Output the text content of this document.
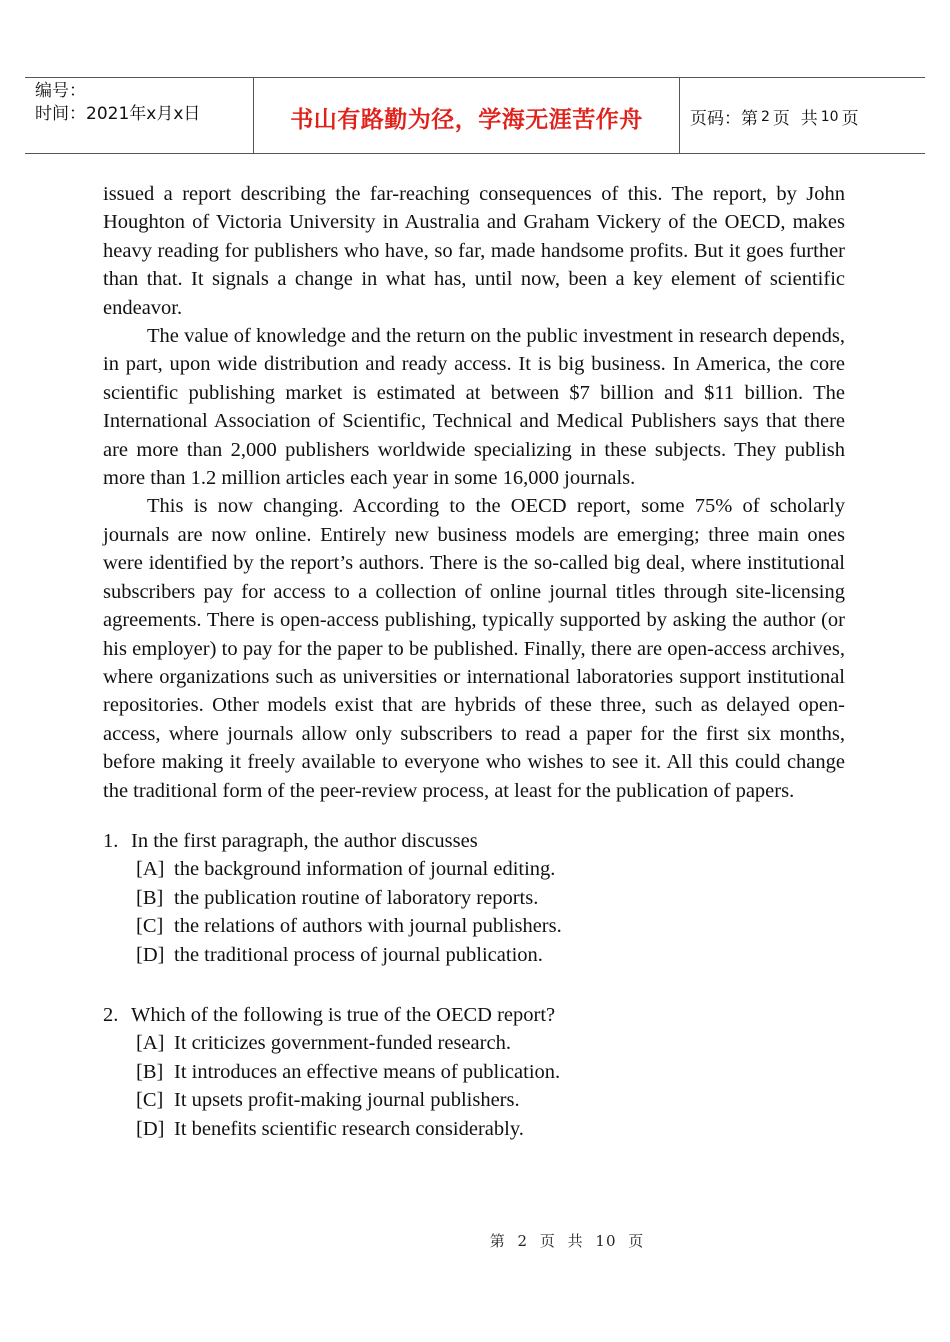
编号：
时间：2021年x月x日	书山有路勤为径，学海无涯苦作舟	页码：第 2 页  共 10 页

issued a report describing the far-reaching consequences of this. The report, by John Houghton of Victoria University in Australia and Graham Vickery of the OECD, makes heavy reading for publishers who have, so far, made handsome profits. But it goes further than that. It signals a change in what has, until now, been a key element of scientific endeavor.

The value of knowledge and the return on the public investment in research depends, in part, upon wide distribution and ready access. It is big business. In America, the core scientific publishing market is estimated at between $7 billion and $11 billion. The International Association of Scientific, Technical and Medical Publishers says that there are more than 2,000 publishers worldwide specializing in these subjects. They publish more than 1.2 million articles each year in some 16,000 journals.

This is now changing. According to the OECD report, some 75% of scholarly journals are now online. Entirely new business models are emerging; three main ones were identified by the report’s authors. There is the so-called big deal, where institutional subscribers pay for access to a collection of online journal titles through site-licensing agreements. There is open-access publishing, typically supported by asking the author (or his employer) to pay for the paper to be published. Finally, there are open-access archives, where organizations such as universities or international laboratories support institutional repositories. Other models exist that are hybrids of these three, such as delayed open-access, where journals allow only subscribers to read a paper for the first six months, before making it freely available to everyone who wishes to see it. All this could change the traditional form of the peer-review process, at least for the publication of papers.

1. In the first paragraph, the author discusses
[A] the background information of journal editing.
[B] the publication routine of laboratory reports.
[C] the relations of authors with journal publishers.
[D] the traditional process of journal publication.
2. Which of the following is true of the OECD report?
[A] It criticizes government-funded research.
[B] It introduces an effective means of publication.
[C] It upsets profit-making journal publishers.
[D] It benefits scientific research considerably.
第 2 页 共 10 页
